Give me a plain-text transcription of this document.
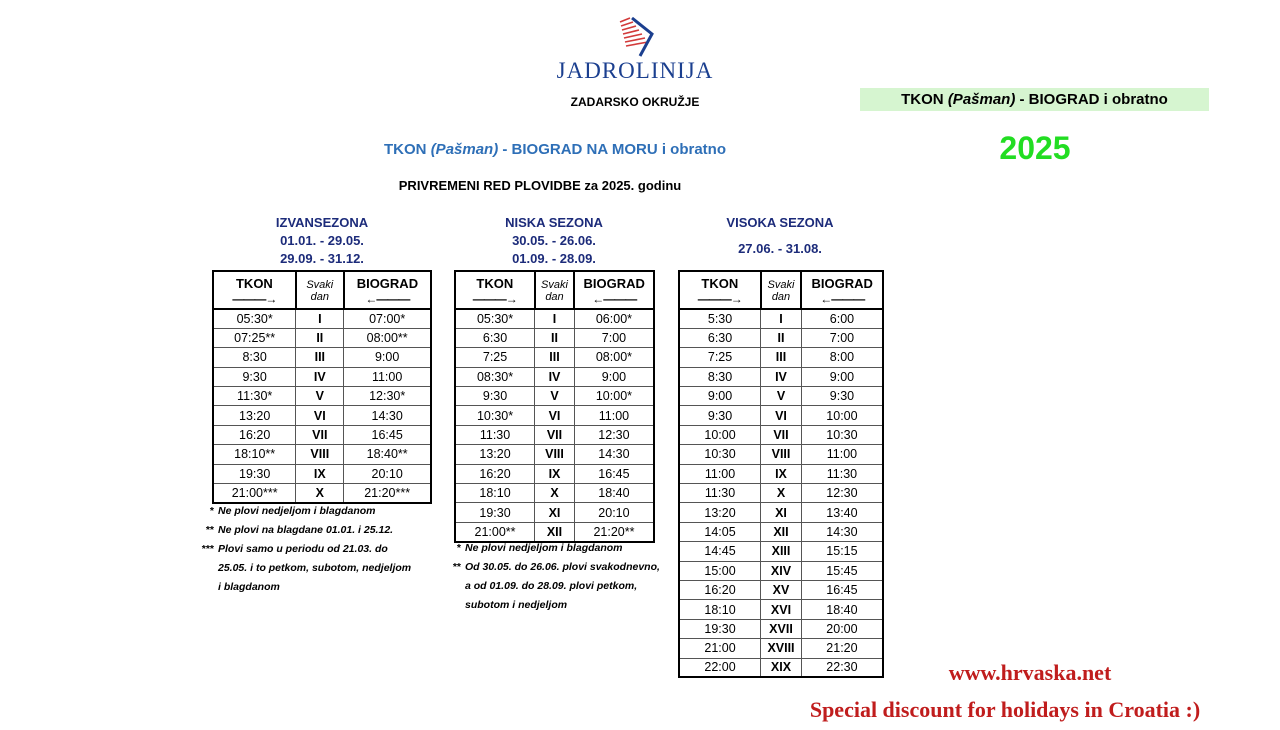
JADROLINIJA
ZADARSKO OKRUŽJE	TKON (Pašman) - BIOGRAD i obratno
2025
TKON (Pašman) - BIOGRAD NA MORU i obratno
PRIVREMENI RED PLOVIDBE za 2025. godinu
IZVANSEZONA
01.01. - 29.05.
29.09. - 31.12.
NISKA SEZONA
30.05. - 26.06.
01.09. - 28.09.
VISOKA SEZONA
27.06. - 31.08.
TKON	Svaki	BIOGRAD
———→	dan	←———
05:30*	I	07:00*
07:25**	II	08:00**
8:30	III	9:00
9:30	IV	11:00
11:30*	V	12:30*
13:20	VI	14:30
16:20	VII	16:45
18:10**	VIII	18:40**
19:30	IX	20:10
21:00***	X	21:20***
TKON	Svaki	BIOGRAD
———→	dan	←———
05:30*	I	06:00*
6:30	II	7:00
7:25	III	08:00*
08:30*	IV	9:00
9:30	V	10:00*
10:30*	VI	11:00
11:30	VII	12:30
13:20	VIII	14:30
16:20	IX	16:45
18:10	X	18:40
19:30	XI	20:10
21:00**	XII	21:20**
TKON	Svaki	BIOGRAD
———→	dan	←———
5:30	I	6:00
6:30	II	7:00
7:25	III	8:00
8:30	IV	9:00
9:00	V	9:30
9:30	VI	10:00
10:00	VII	10:30
10:30	VIII	11:00
11:00	IX	11:30
11:30	X	12:30
13:20	XI	13:40
14:05	XII	14:30
14:45	XIII	15:15
15:00	XIV	15:45
16:20	XV	16:45
18:10	XVI	18:40
19:30	XVII	20:00
21:00	XVIII	21:20
22:00	XIX	22:30
* Ne plovi nedjeljom i blagdanom
** Ne plovi na blagdane 01.01. i 25.12.
*** Plovi samo u periodu od 21.03. do
25.05. i to petkom, subotom, nedjeljom
i blagdanom
* Ne plovi nedjeljom i blagdanom
** Od 30.05. do 26.06. plovi svakodnevno,
a od 01.09. do 28.09. plovi petkom,
subotom i nedjeljom
www.hrvaska.net
Special discount for holidays in Croatia :)
